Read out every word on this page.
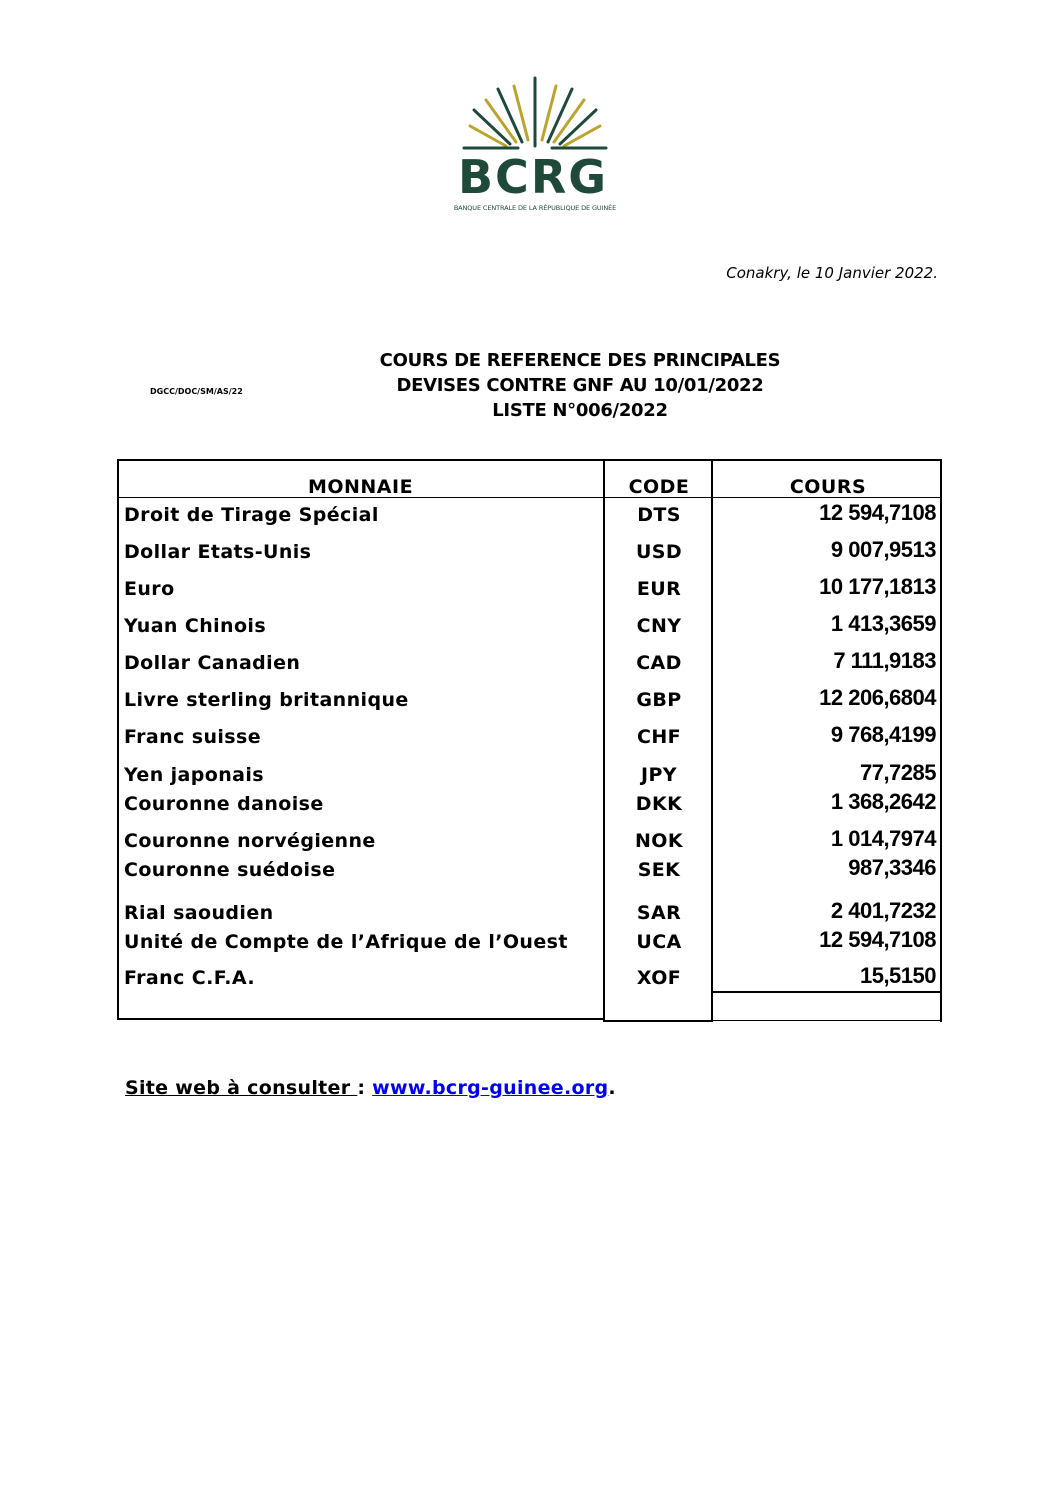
BCRG
BANQUE CENTRALE DE LA RÉPUBLIQUE DE GUINÉE
Conakry, le 10 Janvier 2022.
DGCC/DOC/SM/AS/22
COURS DE REFERENCE DES PRINCIPALES
DEVISES CONTRE GNF AU 10/01/2022
LISTE N°006/2022
MONNAIE	CODE	COURS
Droit de Tirage Spécial	DTS	12 594,7108
Dollar Etats-Unis	USD	9 007,9513
Euro	EUR	10 177,1813
Yuan Chinois	CNY	1 413,3659
Dollar Canadien	CAD	7 111,9183
Livre sterling britannique	GBP	12 206,6804
Franc suisse	CHF	9 768,4199
Yen japonais	JPY	77,7285
Couronne danoise	DKK	1 368,2642
Couronne norvégienne	NOK	1 014,7974
Couronne suédoise	SEK	987,3346
Rial saoudien	SAR	2 401,7232
Unité de Compte de l’Afrique de l’Ouest	UCA	12 594,7108
Franc C.F.A.	XOF	15,5150
Site web à consulter : www.bcrg-guinee.org.
